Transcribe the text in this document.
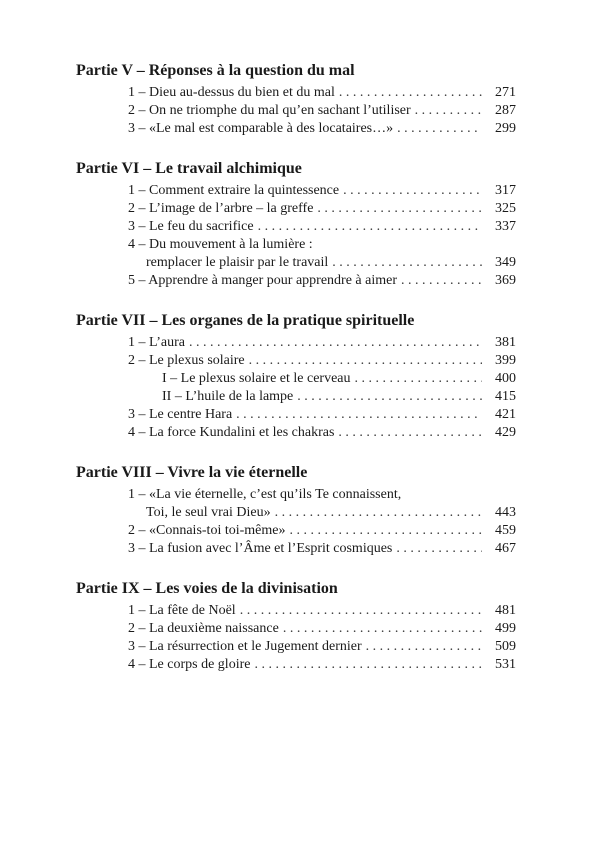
Partie V – Réponses à la question du mal
1 – Dieu au-dessus du bien et du mal . . .	271
2 – On ne triomphe du mal qu’en sachant l’utiliser . . .	287
3 – «Le mal est comparable à des locataires…» . . .	299
Partie VI – Le travail alchimique
1 – Comment extraire la quintessence . . .	317
2 – L’image de l’arbre – la greffe . . .	325
3 – Le feu du sacrifice . . .	337
4 – Du mouvement à la lumière :
remplacer le plaisir par le travail . . .	349
5 – Apprendre à manger pour apprendre à aimer . . .	369
Partie VII – Les organes de la pratique spirituelle
1 – L’aura . . .	381
2 – Le plexus solaire . . .	399
I – Le plexus solaire et le cerveau . . .	400
II – L’huile de la lampe . . .	415
3 – Le centre Hara . . .	421
4 – La force Kundalini et les chakras . . .	429
Partie VIII – Vivre la vie éternelle
1 – «La vie éternelle, c’est qu’ils Te connaissent,
Toi, le seul vrai Dieu» . . .	443
2 – «Connais-toi toi-même» . . .	459
3 – La fusion avec l’Âme et l’Esprit cosmiques . . .	467
Partie IX – Les voies de la divinisation
1 – La fête de Noël . . .	481
2 – La deuxième naissance . . .	499
3 – La résurrection et le Jugement dernier . . .	509
4 – Le corps de gloire . . .	531
